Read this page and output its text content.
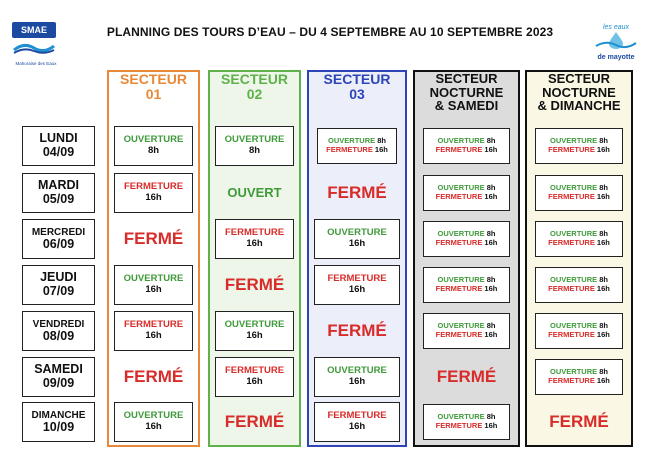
SMAE
Mahoraise des Eaux
PLANNING DES TOURS D’EAU – DU 4 SEPTEMBRE AU 10 SEPTEMBRE 2023	les eaux
de mayotte
LUNDI
04/09
MARDI
05/09
MERCREDI
06/09
JEUDI
07/09
VENDREDI
08/09
SAMEDI
09/09
DIMANCHE
10/09
SECTEUR
01
OUVERTURE
8h
FERMETURE
16h
FERMÉ
OUVERTURE
16h
FERMETURE
16h
FERMÉ
OUVERTURE
16h
SECTEUR
02
OUVERTURE
8h
OUVERT
FERMETURE
16h
FERMÉ
OUVERTURE
16h
FERMETURE
16h
FERMÉ
SECTEUR
03
OUVERTURE 8h
FERMETURE 16h
FERMÉ
OUVERTURE
16h
FERMETURE
16h
FERMÉ
OUVERTURE
16h
FERMETURE
16h
SECTEUR
NOCTURNE
& SAMEDI
OUVERTURE 8h
FERMETURE 16h
OUVERTURE 8h
FERMETURE 16h
OUVERTURE 8h
FERMETURE 16h
OUVERTURE 8h
FERMETURE 16h
OUVERTURE 8h
FERMETURE 16h
FERMÉ
OUVERTURE 8h
FERMETURE 16h
SECTEUR
NOCTURNE
& DIMANCHE
OUVERTURE 8h
FERMETURE 16h
OUVERTURE 8h
FERMETURE 16h
OUVERTURE 8h
FERMETURE 16h
OUVERTURE 8h
FERMETURE 16h
OUVERTURE 8h
FERMETURE 16h
OUVERTURE 8h
FERMETURE 16h
FERMÉ
